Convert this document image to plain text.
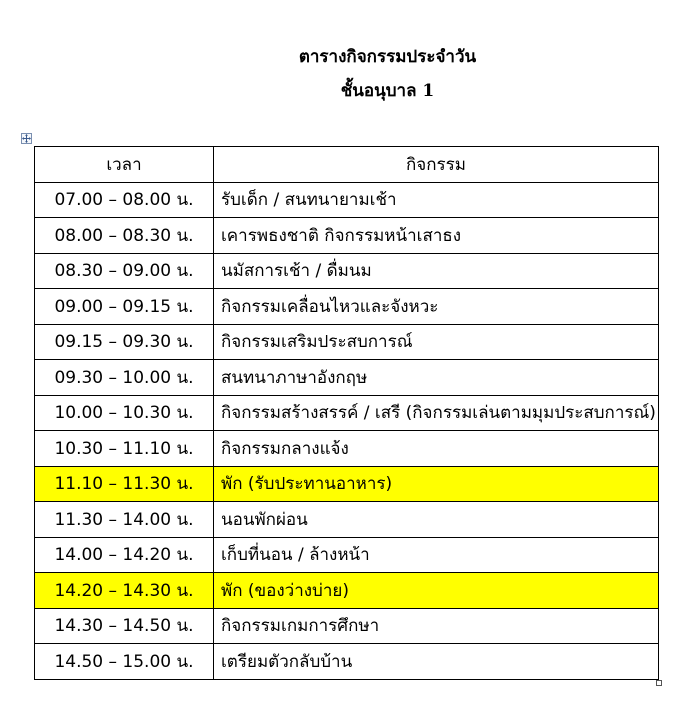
ตารางกิจกรรมประจำวัน
ชั้นอนุบาล 1
เวลา	กิจกรรม
07.00 – 08.00 น.	รับเด็ก / สนทนายามเช้า
08.00 – 08.30 น.	เคารพธงชาติ กิจกรรมหน้าเสาธง
08.30 – 09.00 น.	นมัสการเช้า / ดื่มนม
09.00 – 09.15 น.	กิจกรรมเคลื่อนไหวและจังหวะ
09.15 – 09.30 น.	กิจกรรมเสริมประสบการณ์
09.30 – 10.00 น.	สนทนาภาษาอังกฤษ
10.00 – 10.30 น.	กิจกรรมสร้างสรรค์ / เสรี (กิจกรรมเล่นตามมุมประสบการณ์)
10.30 – 11.10 น.	กิจกรรมกลางแจ้ง
11.10 – 11.30 น.	พัก (รับประทานอาหาร)
11.30 – 14.00 น.	นอนพักผ่อน
14.00 – 14.20 น.	เก็บที่นอน / ล้างหน้า
14.20 – 14.30 น.	พัก (ของว่างบ่าย)
14.30 – 14.50 น.	กิจกรรมเกมการศึกษา
14.50 – 15.00 น.	เตรียมตัวกลับบ้าน
